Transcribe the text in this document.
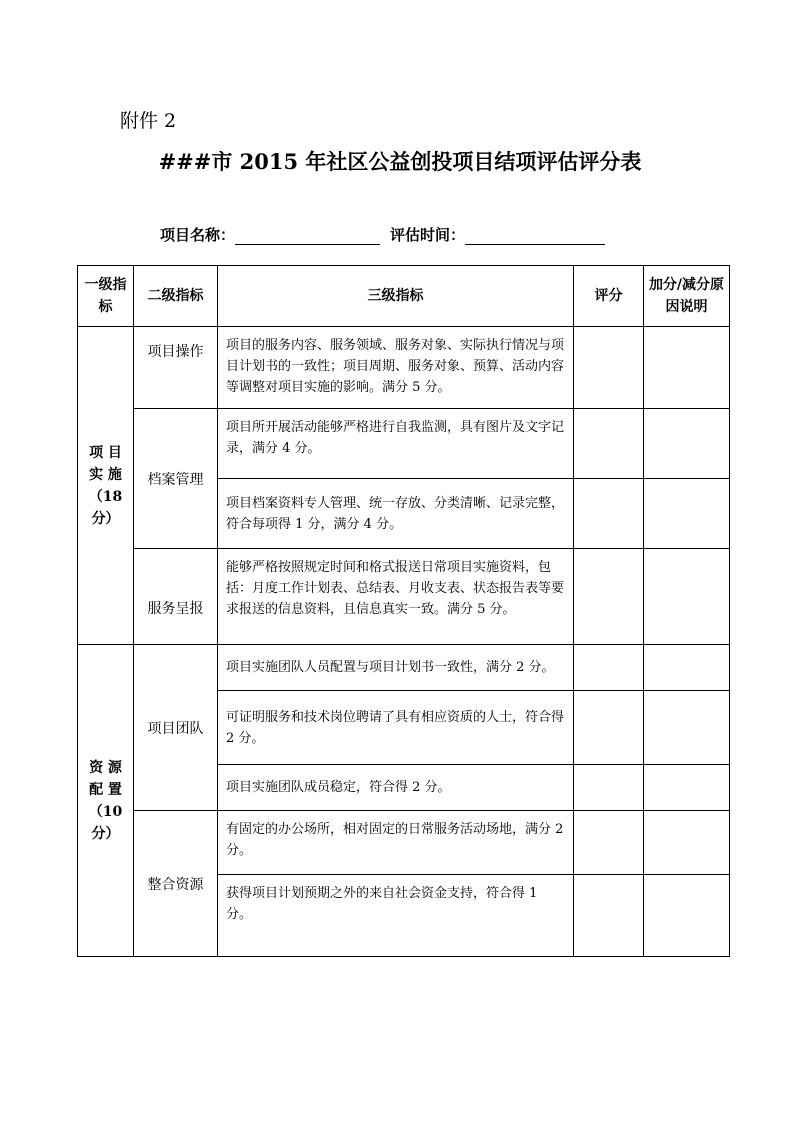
附件 2
###市 2015 年社区公益创投项目结项评估评分表
项目名称：	评估时间：
一级指标	二级指标	三级指标	评分	加分/减分原因说明
项 目 实 施 （18 分）	项目操作	项目的服务内容、服务领域、服务对象、实际执行情况与项目计划书的一致性；项目周期、服务对象、预算、活动内容等调整对项目实施的影响。满分 5 分。		
	档案管理	项目所开展活动能够严格进行自我监测，具有图片及文字记录，满分 4 分。		
		项目档案资料专人管理、统一存放、分类清晰、记录完整，符合每项得 1 分，满分 4 分。		
	服务呈报	能够严格按照规定时间和格式报送日常项目实施资料，包括：月度工作计划表、总结表、月收支表、状态报告表等要求报送的信息资料，且信息真实一致。满分 5 分。		
资 源 配 置 （10 分）	项目团队	项目实施团队人员配置与项目计划书一致性，满分 2 分。		
		可证明服务和技术岗位聘请了具有相应资质的人士，符合得 2 分。		
		项目实施团队成员稳定，符合得 2 分。		
	整合资源	有固定的办公场所，相对固定的日常服务活动场地，满分 2 分。		
		获得项目计划预期之外的来自社会资金支持，符合得 1 分。		
